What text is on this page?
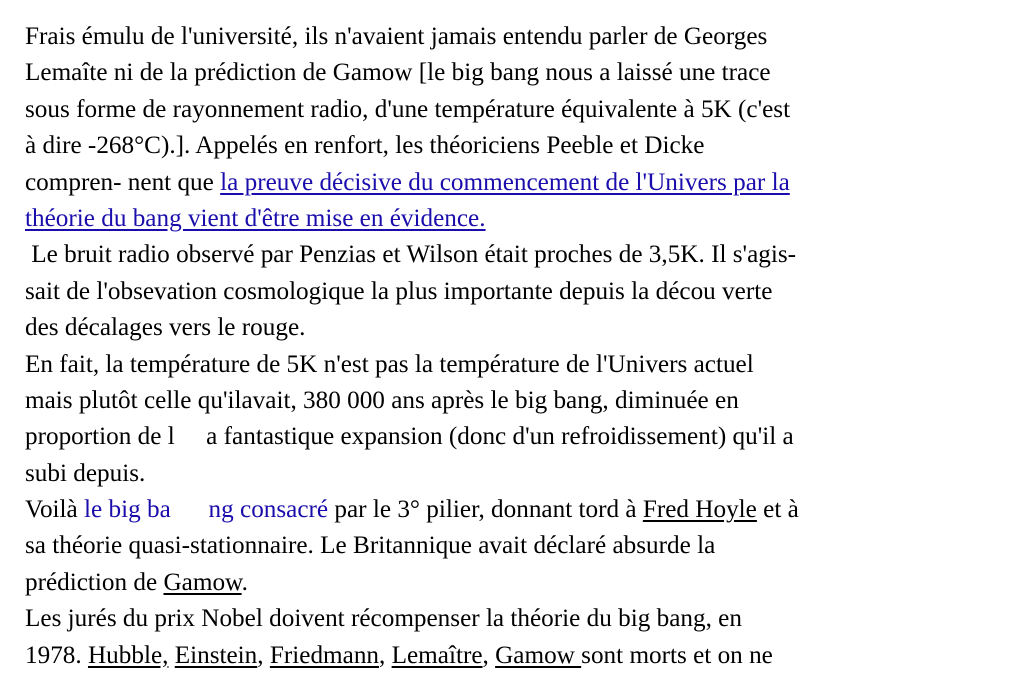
Frais émulu de l'université, ils n'avaient jamais entendu parler de Georges
Lemaîte ni de la prédiction de Gamow [le big bang nous a laissé une trace
sous forme de rayonnement radio, d'une température équivalente à 5K (c'est
à dire -268°C).]. Appelés en renfort, les théoriciens Peeble et Dicke
compren- nent que la preuve décisive du commencement de l'Univers par la
théorie du bang vient d'être mise en évidence.
Le bruit radio observé par Penzias et Wilson était proches de 3,5K. Il s'agis-
sait de l'obsevation cosmologique la plus importante depuis la décou verte
des décalages vers le rouge.
En fait, la température de 5K n'est pas la température de l'Univers actuel
mais plutôt celle qu'ilavait, 380 000 ans après le big bang, diminuée en
proportion de l     a fantastique expansion (donc d'un refroidissement) qu'il a
subi depuis.
Voilà le big ba      ng consacré par le 3° pilier, donnant tord à Fred Hoyle et à
sa théorie quasi-stationnaire. Le Britannique avait déclaré absurde la
prédiction de Gamow.
Les jurés du prix Nobel doivent récompenser la théorie du big bang, en
1978. Hubble, Einstein, Friedmann, Lemaître, Gamow sont morts et on ne
